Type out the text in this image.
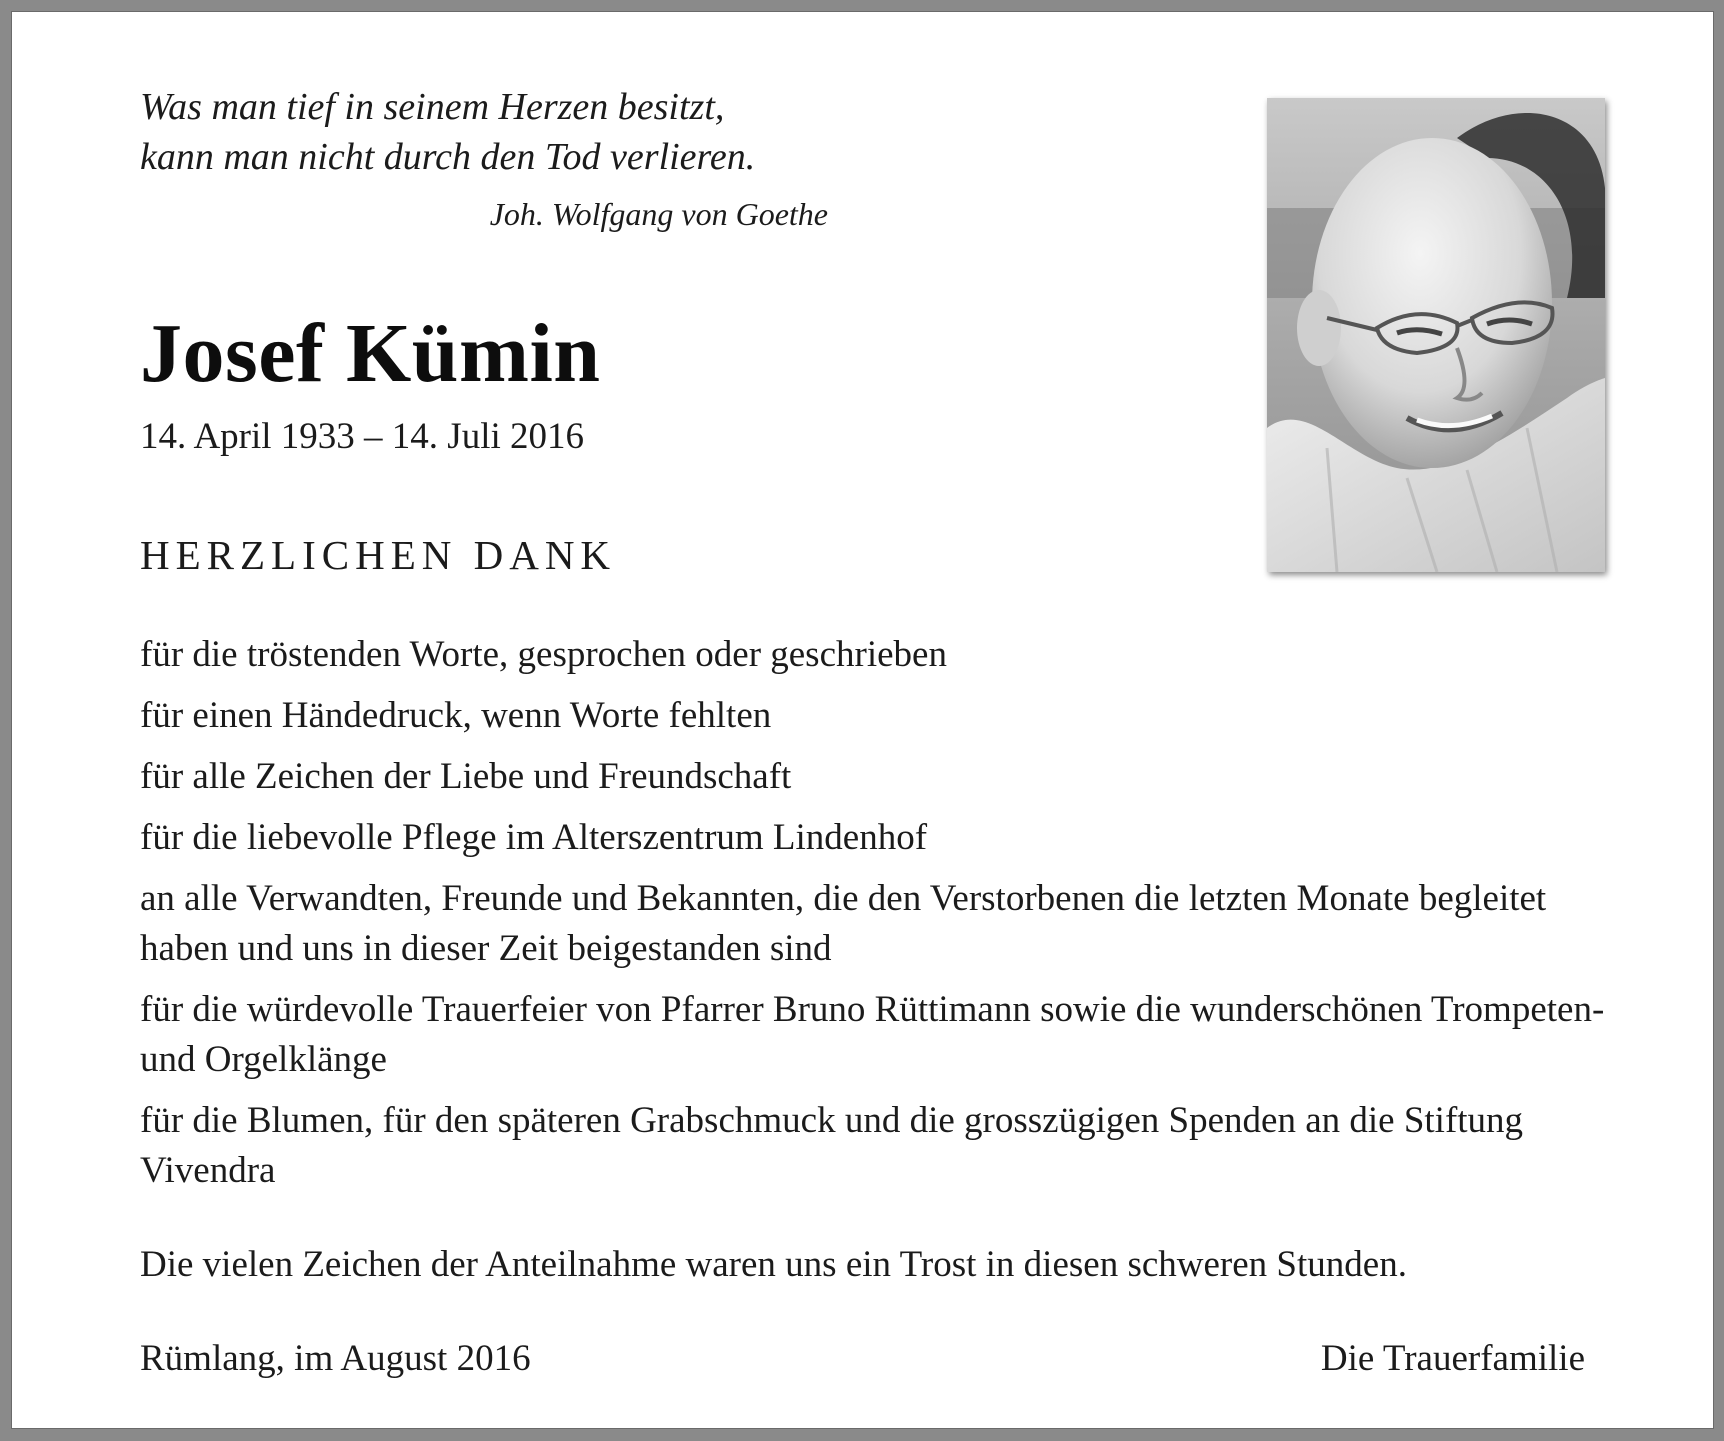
Was man tief in seinem Herzen besitzt,
kann man nicht durch den Tod verlieren.
Joh. Wolfgang von Goethe
Josef Kümin
14. April 1933 – 14. Juli 2016
HERZLICHEN DANK
für die tröstenden Worte, gesprochen oder geschrieben
für einen Händedruck, wenn Worte fehlten
für alle Zeichen der Liebe und Freundschaft
für die liebevolle Pflege im Alterszentrum Lindenhof
an alle Verwandten, Freunde und Bekannten, die den Verstorbenen die letzten Monate begleitet haben und uns in dieser Zeit beigestanden sind
für die würdevolle Trauerfeier von Pfarrer Bruno Rüttimann sowie die wunderschönen Trompeten- und Orgelklänge
für die Blumen, für den späteren Grabschmuck und die grosszügigen Spenden an die Stiftung Vivendra
Die vielen Zeichen der Anteilnahme waren uns ein Trost in diesen schweren Stunden.
Rümlang, im August 2016	Die Trauerfamilie
